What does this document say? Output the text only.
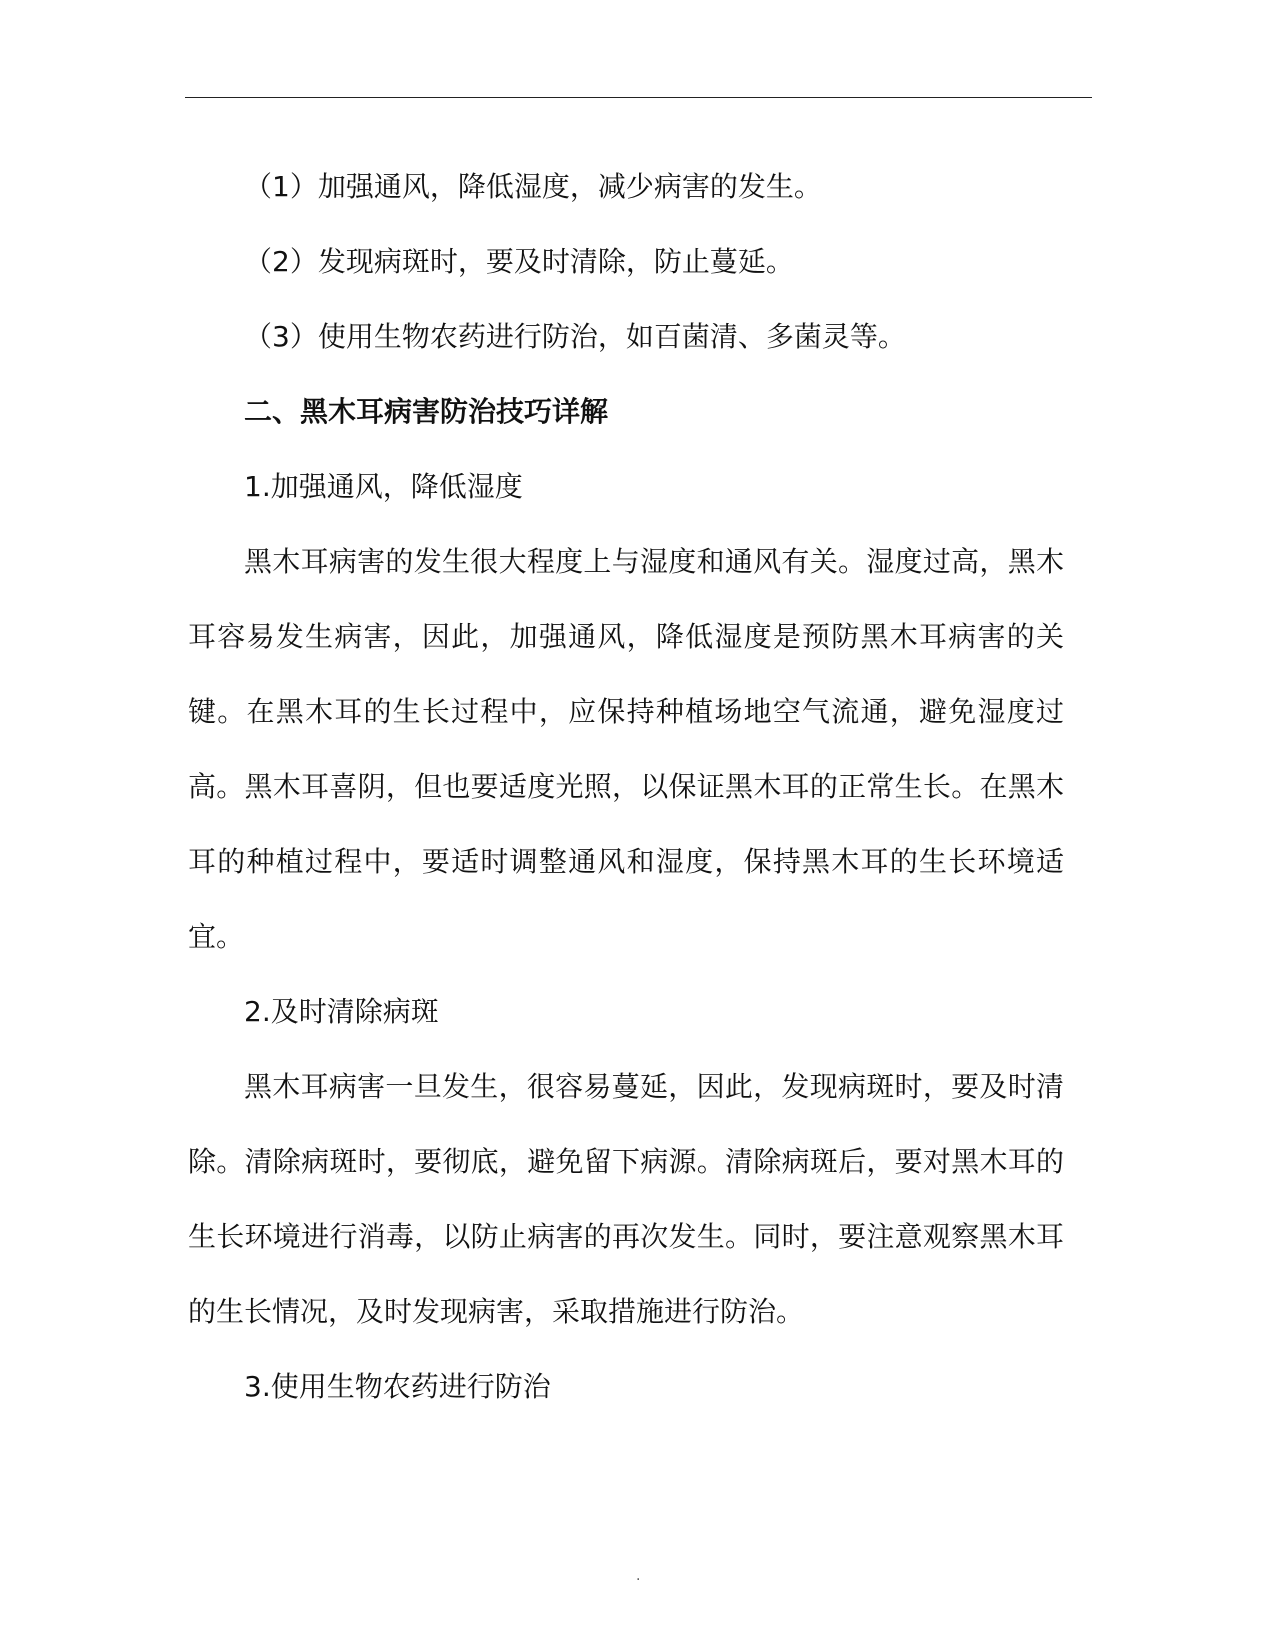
（1）加强通风，降低湿度，减少病害的发生。

（2）发现病斑时，要及时清除，防止蔓延。

（3）使用生物农药进行防治，如百菌清、多菌灵等。

二、黑木耳病害防治技巧详解

1.加强通风，降低湿度

黑木耳病害的发生很大程度上与湿度和通风有关。湿度过高，黑木耳容易发生病害，因此，加强通风，降低湿度是预防黑木耳病害的关键。在黑木耳的生长过程中，应保持种植场地空气流通，避免湿度过高。黑木耳喜阴，但也要适度光照，以保证黑木耳的正常生长。在黑木耳的种植过程中，要适时调整通风和湿度，保持黑木耳的生长环境适宜。

2.及时清除病斑

黑木耳病害一旦发生，很容易蔓延，因此，发现病斑时，要及时清除。清除病斑时，要彻底，避免留下病源。清除病斑后，要对黑木耳的生长环境进行消毒，以防止病害的再次发生。同时，要注意观察黑木耳的生长情况，及时发现病害，采取措施进行防治。

3.使用生物农药进行防治

.
